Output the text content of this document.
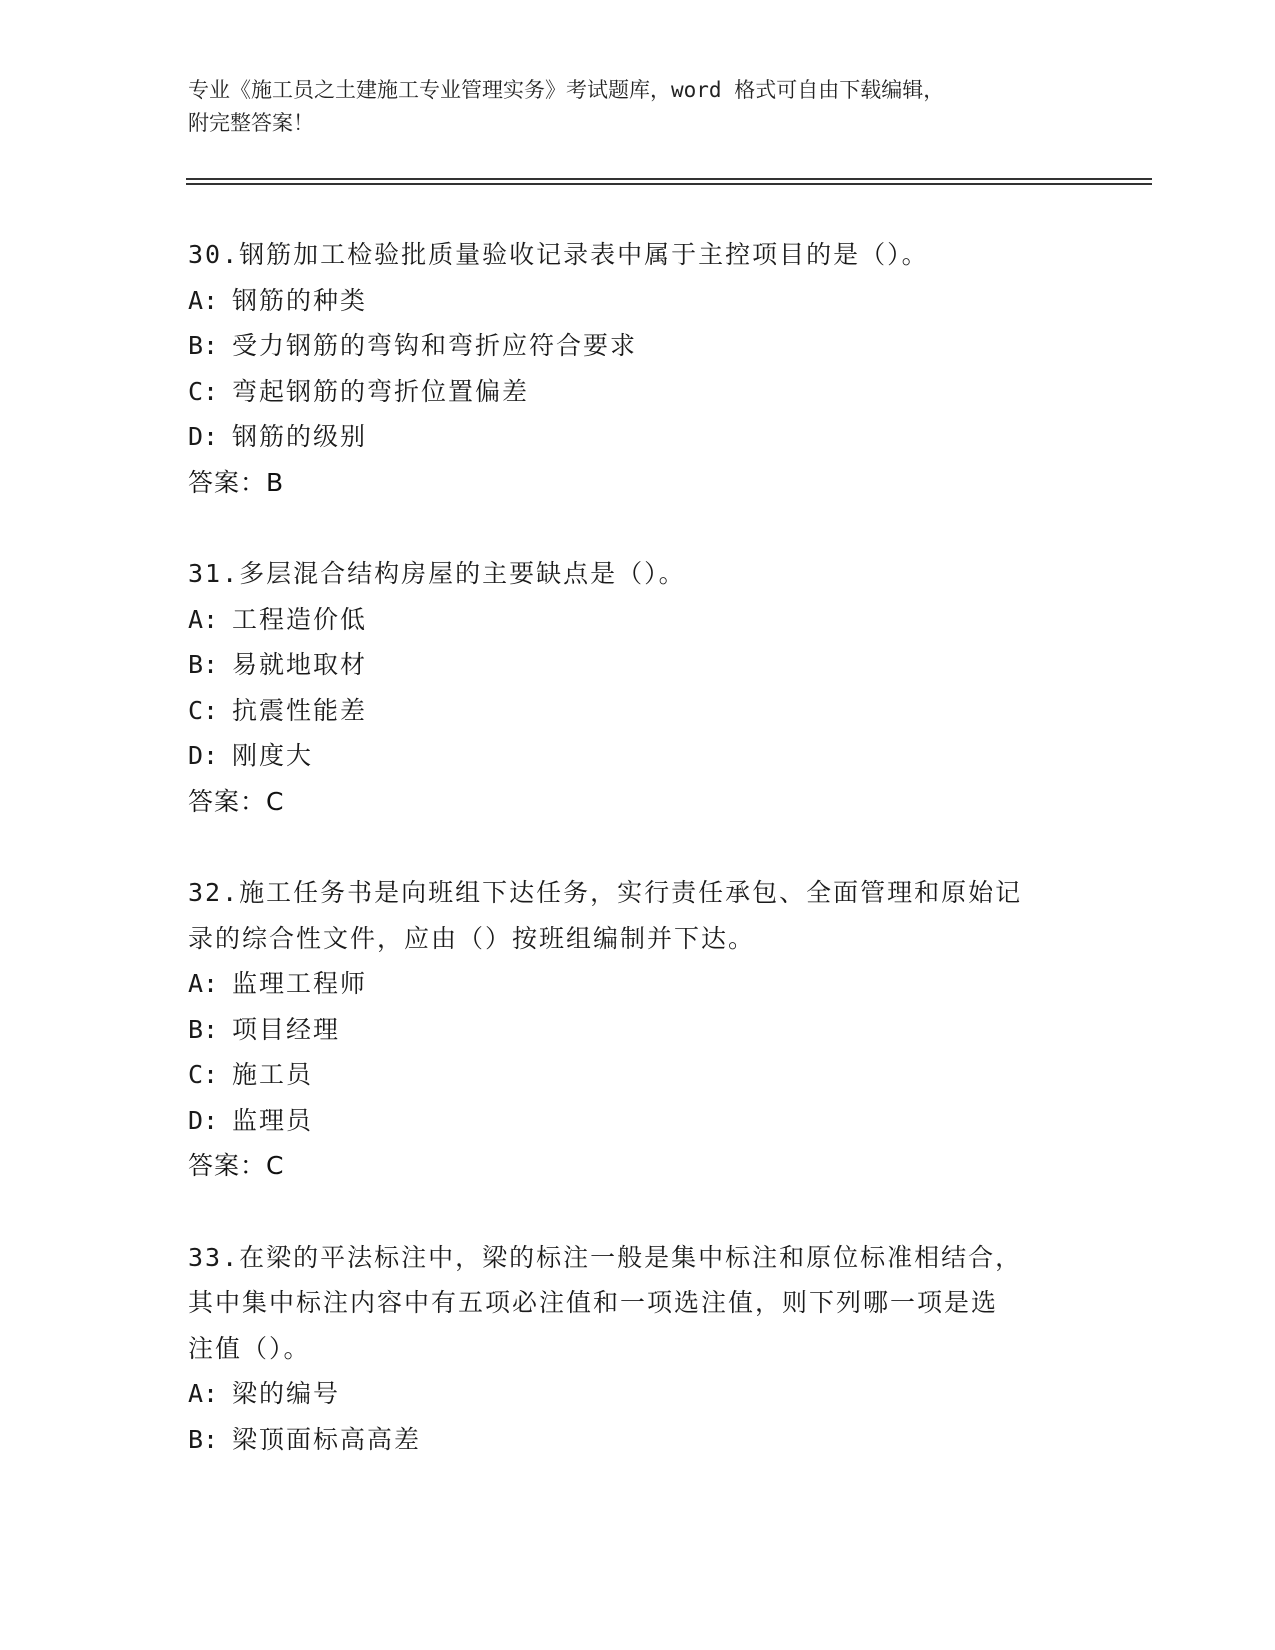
专业《施工员之土建施工专业管理实务》考试题库，word 格式可自由下载编辑，
附完整答案！
30.钢筋加工检验批质量验收记录表中属于主控项目的是（）。
A: 钢筋的种类
B: 受力钢筋的弯钩和弯折应符合要求
C: 弯起钢筋的弯折位置偏差
D: 钢筋的级别
答案：B
31.多层混合结构房屋的主要缺点是（）。
A: 工程造价低
B: 易就地取材
C: 抗震性能差
D: 刚度大
答案：C
32.施工任务书是向班组下达任务，实行责任承包、全面管理和原始记
录的综合性文件，应由（）按班组编制并下达。
A: 监理工程师
B: 项目经理
C: 施工员
D: 监理员
答案：C
33.在梁的平法标注中，梁的标注一般是集中标注和原位标准相结合，
其中集中标注内容中有五项必注值和一项选注值，则下列哪一项是选
注值（）。
A: 梁的编号
B: 梁顶面标高高差
